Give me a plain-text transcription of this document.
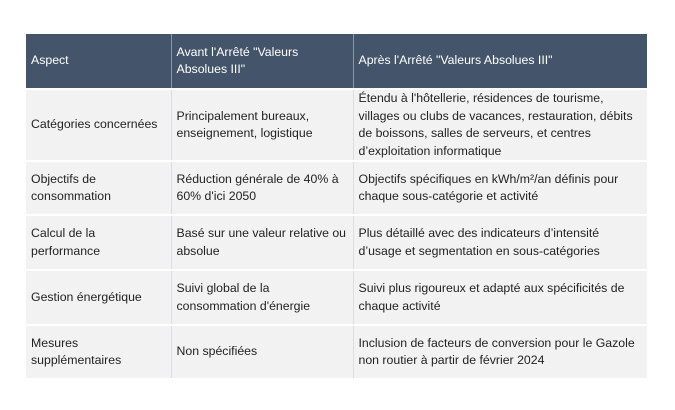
Aspect	Avant l'Arrêté "Valeurs Absolues III"	Après l'Arrêté "Valeurs Absolues III"
Catégories concernées	Principalement bureaux, enseignement, logistique	Étendu à l'hôtellerie, résidences de tourisme, villages ou clubs de vacances, restauration, débits de boissons, salles de serveurs, et centres d’exploitation informatique
Objectifs de consommation	Réduction générale de 40% à 60% d'ici 2050	Objectifs spécifiques en kWh/m²/an définis pour chaque sous-catégorie et activité
Calcul de la performance	Basé sur une valeur relative ou absolue	Plus détaillé avec des indicateurs d’intensité d’usage et segmentation en sous-catégories
Gestion énergétique	Suivi global de la consommation d'énergie	Suivi plus rigoureux et adapté aux spécificités de chaque activité
Mesures supplémentaires	Non spécifiées	Inclusion de facteurs de conversion pour le Gazole non routier à partir de février 2024
